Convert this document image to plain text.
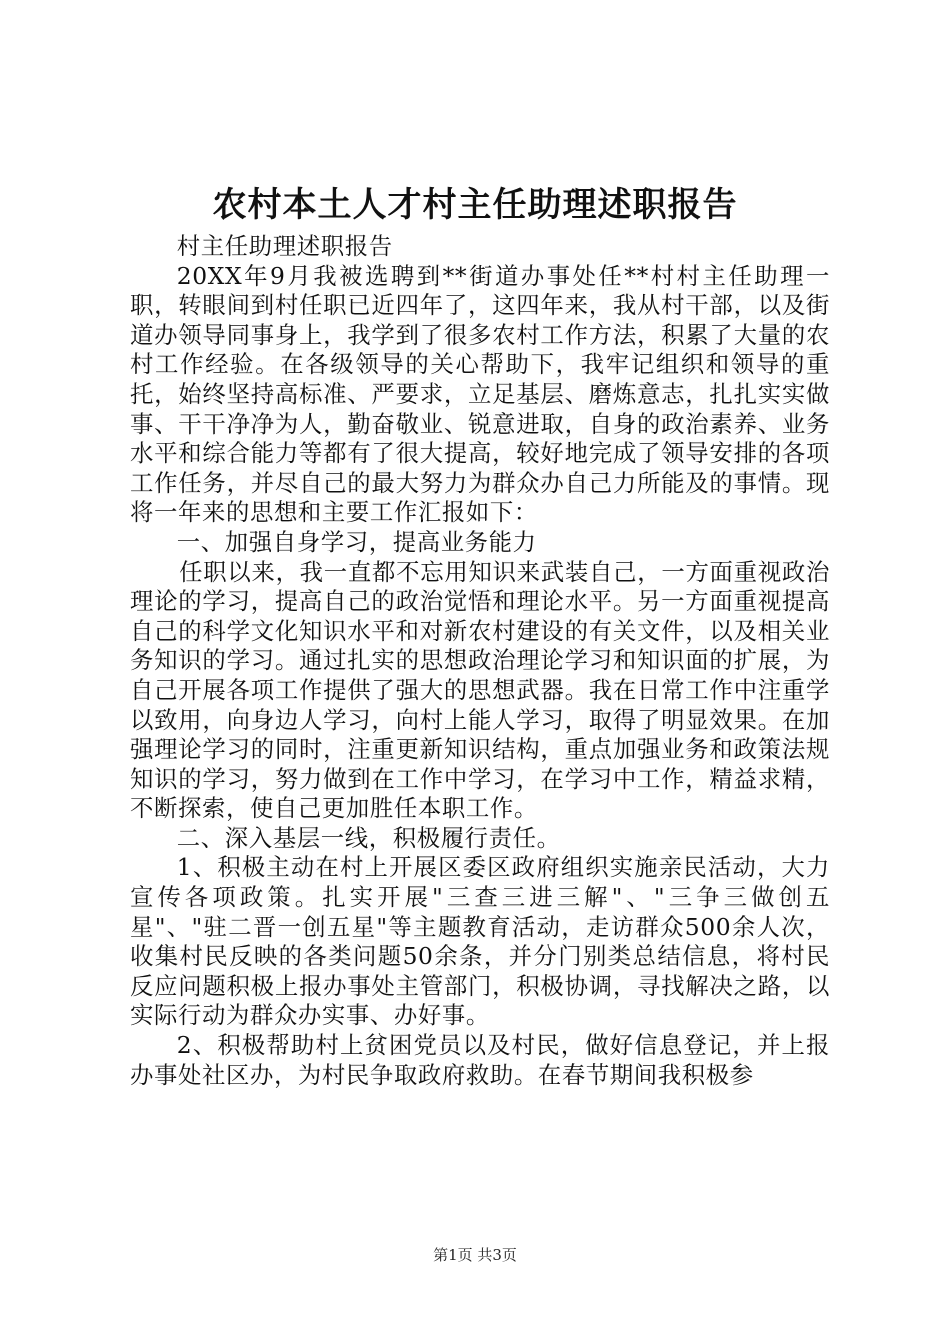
农村本土人才村主任助理述职报告

村主任助理述职报告

20XX年9月我被选聘到**街道办事处任**村村主任助理一职，转眼间到村任职已近四年了，这四年来，我从村干部，以及街道办领导同事身上，我学到了很多农村工作方法，积累了大量的农村工作经验。在各级领导的关心帮助下，我牢记组织和领导的重托，始终坚持高标准、严要求，立足基层、磨炼意志，扎扎实实做事、干干净净为人，勤奋敬业、锐意进取，自身的政治素养、业务水平和综合能力等都有了很大提高，较好地完成了领导安排的各项工作任务，并尽自己的最大努力为群众办自己力所能及的事情。现将一年来的思想和主要工作汇报如下：

一、加强自身学习，提高业务能力

任职以来，我一直都不忘用知识来武装自己，一方面重视政治理论的学习，提高自己的政治觉悟和理论水平。另一方面重视提高自己的科学文化知识水平和对新农村建设的有关文件，以及相关业务知识的学习。通过扎实的思想政治理论学习和知识面的扩展，为自己开展各项工作提供了强大的思想武器。我在日常工作中注重学以致用，向身边人学习，向村上能人学习，取得了明显效果。在加强理论学习的同时，注重更新知识结构，重点加强业务和政策法规知识的学习，努力做到在工作中学习，在学习中工作，精益求精，不断探索，使自己更加胜任本职工作。

二、深入基层一线，积极履行责任。

1、积极主动在村上开展区委区政府组织实施亲民活动，大力宣传各项政策。扎实开展"三查三进三解"、"三争三做创五星"、"驻二晋一创五星"等主题教育活动，走访群众500余人次，收集村民反映的各类问题50余条，并分门别类总结信息，将村民反应问题积极上报办事处主管部门，积极协调，寻找解决之路，以实际行动为群众办实事、办好事。

2、积极帮助村上贫困党员以及村民，做好信息登记，并上报办事处社区办，为村民争取政府救助。在春节期间我积极参

第1页 共3页
